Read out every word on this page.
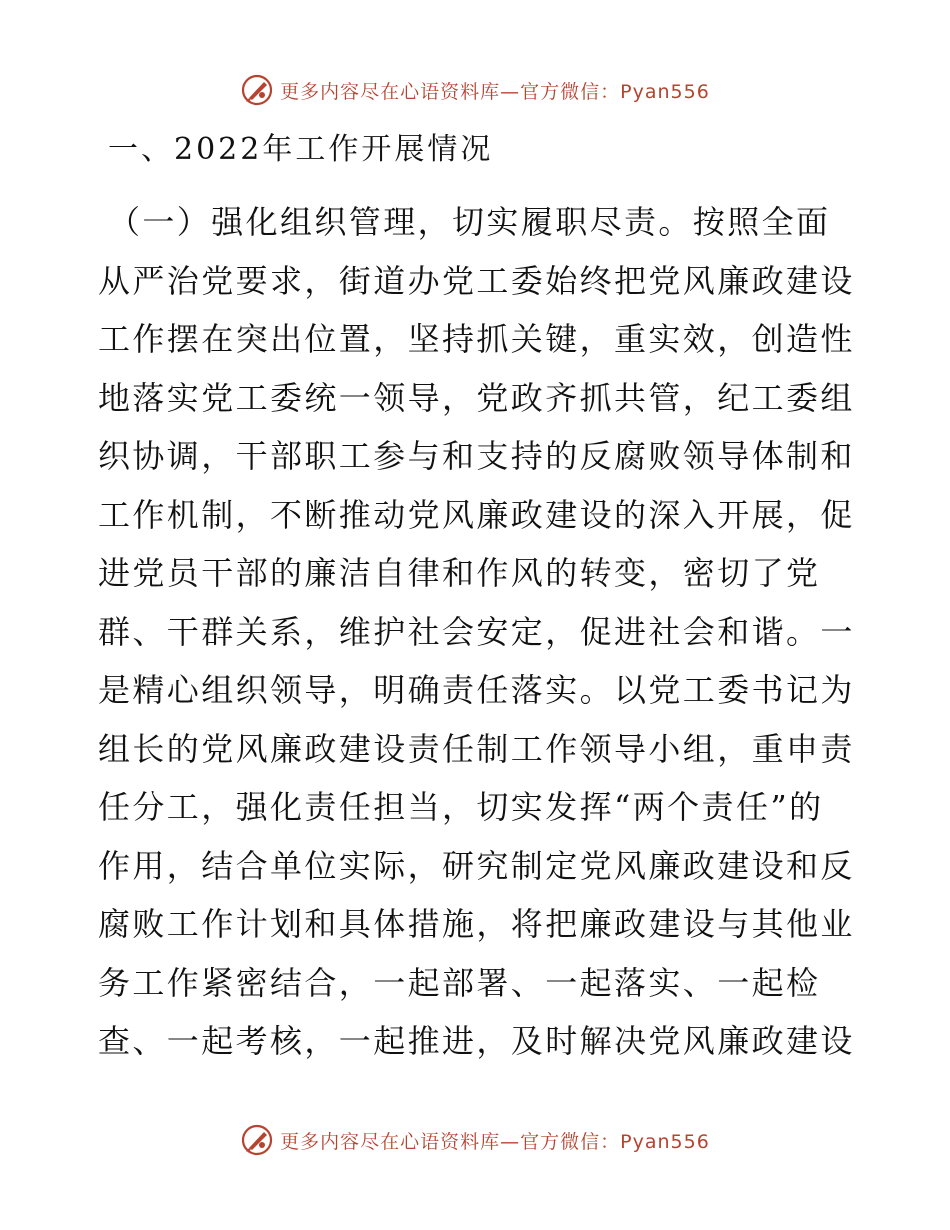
更多内容尽在心语资料库—官方微信：Pyan556
一、2022年工作开展情况
（一）强化组织管理，切实履职尽责。按照全面
从严治党要求，街道办党工委始终把党风廉政建设
工作摆在突出位置，坚持抓关键，重实效，创造性
地落实党工委统一领导，党政齐抓共管，纪工委组
织协调，干部职工参与和支持的反腐败领导体制和
工作机制，不断推动党风廉政建设的深入开展，促
进党员干部的廉洁自律和作风的转变，密切了党
群、干群关系，维护社会安定，促进社会和谐。一
是精心组织领导，明确责任落实。以党工委书记为
组长的党风廉政建设责任制工作领导小组，重申责
任分工，强化责任担当，切实发挥“两个责任”的
作用，结合单位实际，研究制定党风廉政建设和反
腐败工作计划和具体措施，将把廉政建设与其他业
务工作紧密结合，一起部署、一起落实、一起检
查、一起考核，一起推进，及时解决党风廉政建设
更多内容尽在心语资料库—官方微信：Pyan556
